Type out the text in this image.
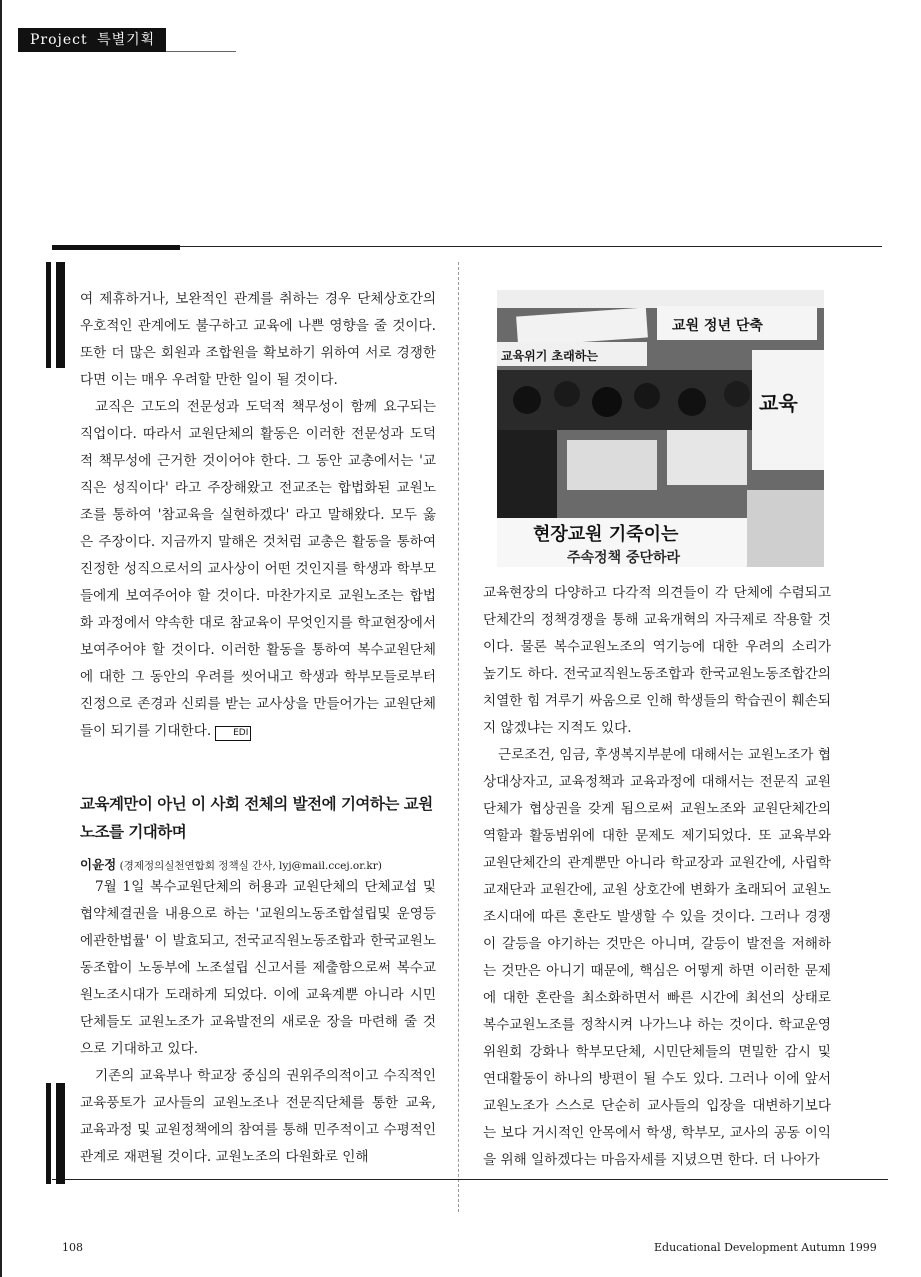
Project 특별기획

여 제휴하거나, 보완적인 관계를 취하는 경우 단체상호간의 우호적인 관계에도 불구하고 교육에 나쁜 영향을 줄 것이다. 또한 더 많은 회원과 조합원을 확보하기 위하여 서로 경쟁한다면 이는 매우 우려할 만한 일이 될 것이다.

교직은 고도의 전문성과 도덕적 책무성이 함께 요구되는 직업이다. 따라서 교원단체의 활동은 이러한 전문성과 도덕적 책무성에 근거한 것이어야 한다. 그 동안 교총에서는 '교직은 성직이다' 라고 주장해왔고 전교조는 합법화된 교원노조를 통하여 '참교육을 실현하겠다' 라고 말해왔다. 모두 옳은 주장이다. 지금까지 말해온 것처럼 교총은 활동을 통하여 진정한 성직으로서의 교사상이 어떤 것인지를 학생과 학부모들에게 보여주어야 할 것이다. 마찬가지로 교원노조는 합법화 과정에서 약속한 대로 참교육이 무엇인지를 학교현장에서 보여주어야 할 것이다. 이러한 활동을 통하여 복수교원단체에 대한 그 동안의 우려를 씻어내고 학생과 학부모들로부터 진정으로 존경과 신뢰를 받는 교사상을 만들어가는 교원단체들이 되기를 기대한다. EDI

교육계만이 아닌 이 사회 전체의 발전에 기여하는 교원노조를 기대하며
이윤정 (경제정의실천연합회 정책실 간사, lyj@mail.ccej.or.kr)

7월 1일 복수교원단체의 허용과 교원단체의 단체교섭 및 협약체결권을 내용으로 하는 '교원의노동조합설립및 운영등에관한법률' 이 발효되고, 전국교직원노동조합과 한국교원노동조합이 노동부에 노조설립 신고서를 제출함으로써 복수교원노조시대가 도래하게 되었다. 이에 교육계뿐 아니라 시민단체들도 교원노조가 교육발전의 새로운 장을 마련해 줄 것으로 기대하고 있다.

기존의 교육부나 학교장 중심의 권위주의적이고 수직적인 교육풍토가 교사들의 교원노조나 전문직단체를 통한 교육, 교육과정 및 교원정책에의 참여를 통해 민주적이고 수평적인 관계로 재편될 것이다. 교원노조의 다원화로 인해

교원 정년 단축
교육위기 초래하는
교육
현장교원 기죽이는
주속정책 중단하라

교육현장의 다양하고 다각적 의견들이 각 단체에 수렴되고 단체간의 정책경쟁을 통해 교육개혁의 자극제로 작용할 것이다. 물론 복수교원노조의 역기능에 대한 우려의 소리가 높기도 하다. 전국교직원노동조합과 한국교원노동조합간의 치열한 힘 겨루기 싸움으로 인해 학생들의 학습권이 훼손되지 않겠냐는 지적도 있다.

근로조건, 임금, 후생복지부분에 대해서는 교원노조가 협상대상자고, 교육정책과 교육과정에 대해서는 전문직 교원단체가 협상권을 갖게 됨으로써 교원노조와 교원단체간의 역할과 활동범위에 대한 문제도 제기되었다. 또 교육부와 교원단체간의 관계뿐만 아니라 학교장과 교원간에, 사립학교재단과 교원간에, 교원 상호간에 변화가 초래되어 교원노조시대에 따른 혼란도 발생할 수 있을 것이다. 그러나 경쟁이 갈등을 야기하는 것만은 아니며, 갈등이 발전을 저해하는 것만은 아니기 때문에, 핵심은 어떻게 하면 이러한 문제에 대한 혼란을 최소화하면서 빠른 시간에 최선의 상태로 복수교원노조를 정착시켜 나가느냐 하는 것이다. 학교운영위원회 강화나 학부모단체, 시민단체들의 면밀한 감시 및 연대활동이 하나의 방편이 될 수도 있다. 그러나 이에 앞서 교원노조가 스스로 단순히 교사들의 입장을 대변하기보다는 보다 거시적인 안목에서 학생, 학부모, 교사의 공동 이익을 위해 일하겠다는 마음자세를 지녔으면 한다. 더 나아가

108	Educational Development Autumn 1999
